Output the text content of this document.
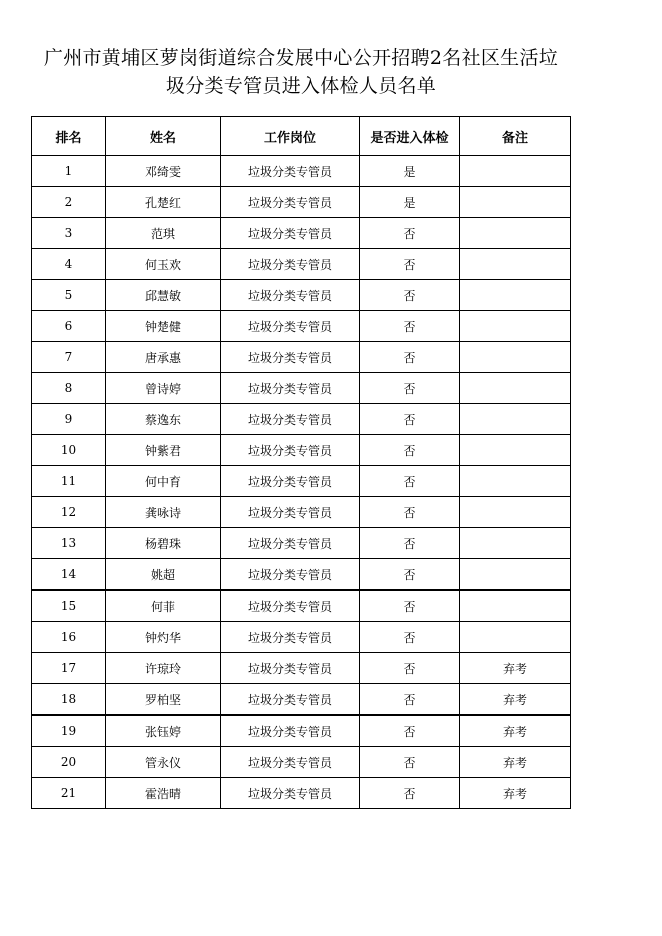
广州市黄埔区萝岗街道综合发展中心公开招聘2名社区生活垃
圾分类专管员进入体检人员名单
排名	姓名	工作岗位	是否进入体检	备注
1	邓绮雯	垃圾分类专管员	是	
2	孔楚红	垃圾分类专管员	是	
3	范琪	垃圾分类专管员	否	
4	何玉欢	垃圾分类专管员	否	
5	邱慧敏	垃圾分类专管员	否	
6	钟楚健	垃圾分类专管员	否	
7	唐承惠	垃圾分类专管员	否	
8	曾诗婷	垃圾分类专管员	否	
9	蔡逸东	垃圾分类专管员	否	
10	钟紫君	垃圾分类专管员	否	
11	何中育	垃圾分类专管员	否	
12	龚咏诗	垃圾分类专管员	否	
13	杨碧珠	垃圾分类专管员	否	
14	姚超	垃圾分类专管员	否	
15	何菲	垃圾分类专管员	否	
16	钟灼华	垃圾分类专管员	否	
17	许琼玲	垃圾分类专管员	否	弃考
18	罗柏坚	垃圾分类专管员	否	弃考
19	张钰婷	垃圾分类专管员	否	弃考
20	管永仪	垃圾分类专管员	否	弃考
21	霍浩晴	垃圾分类专管员	否	弃考
